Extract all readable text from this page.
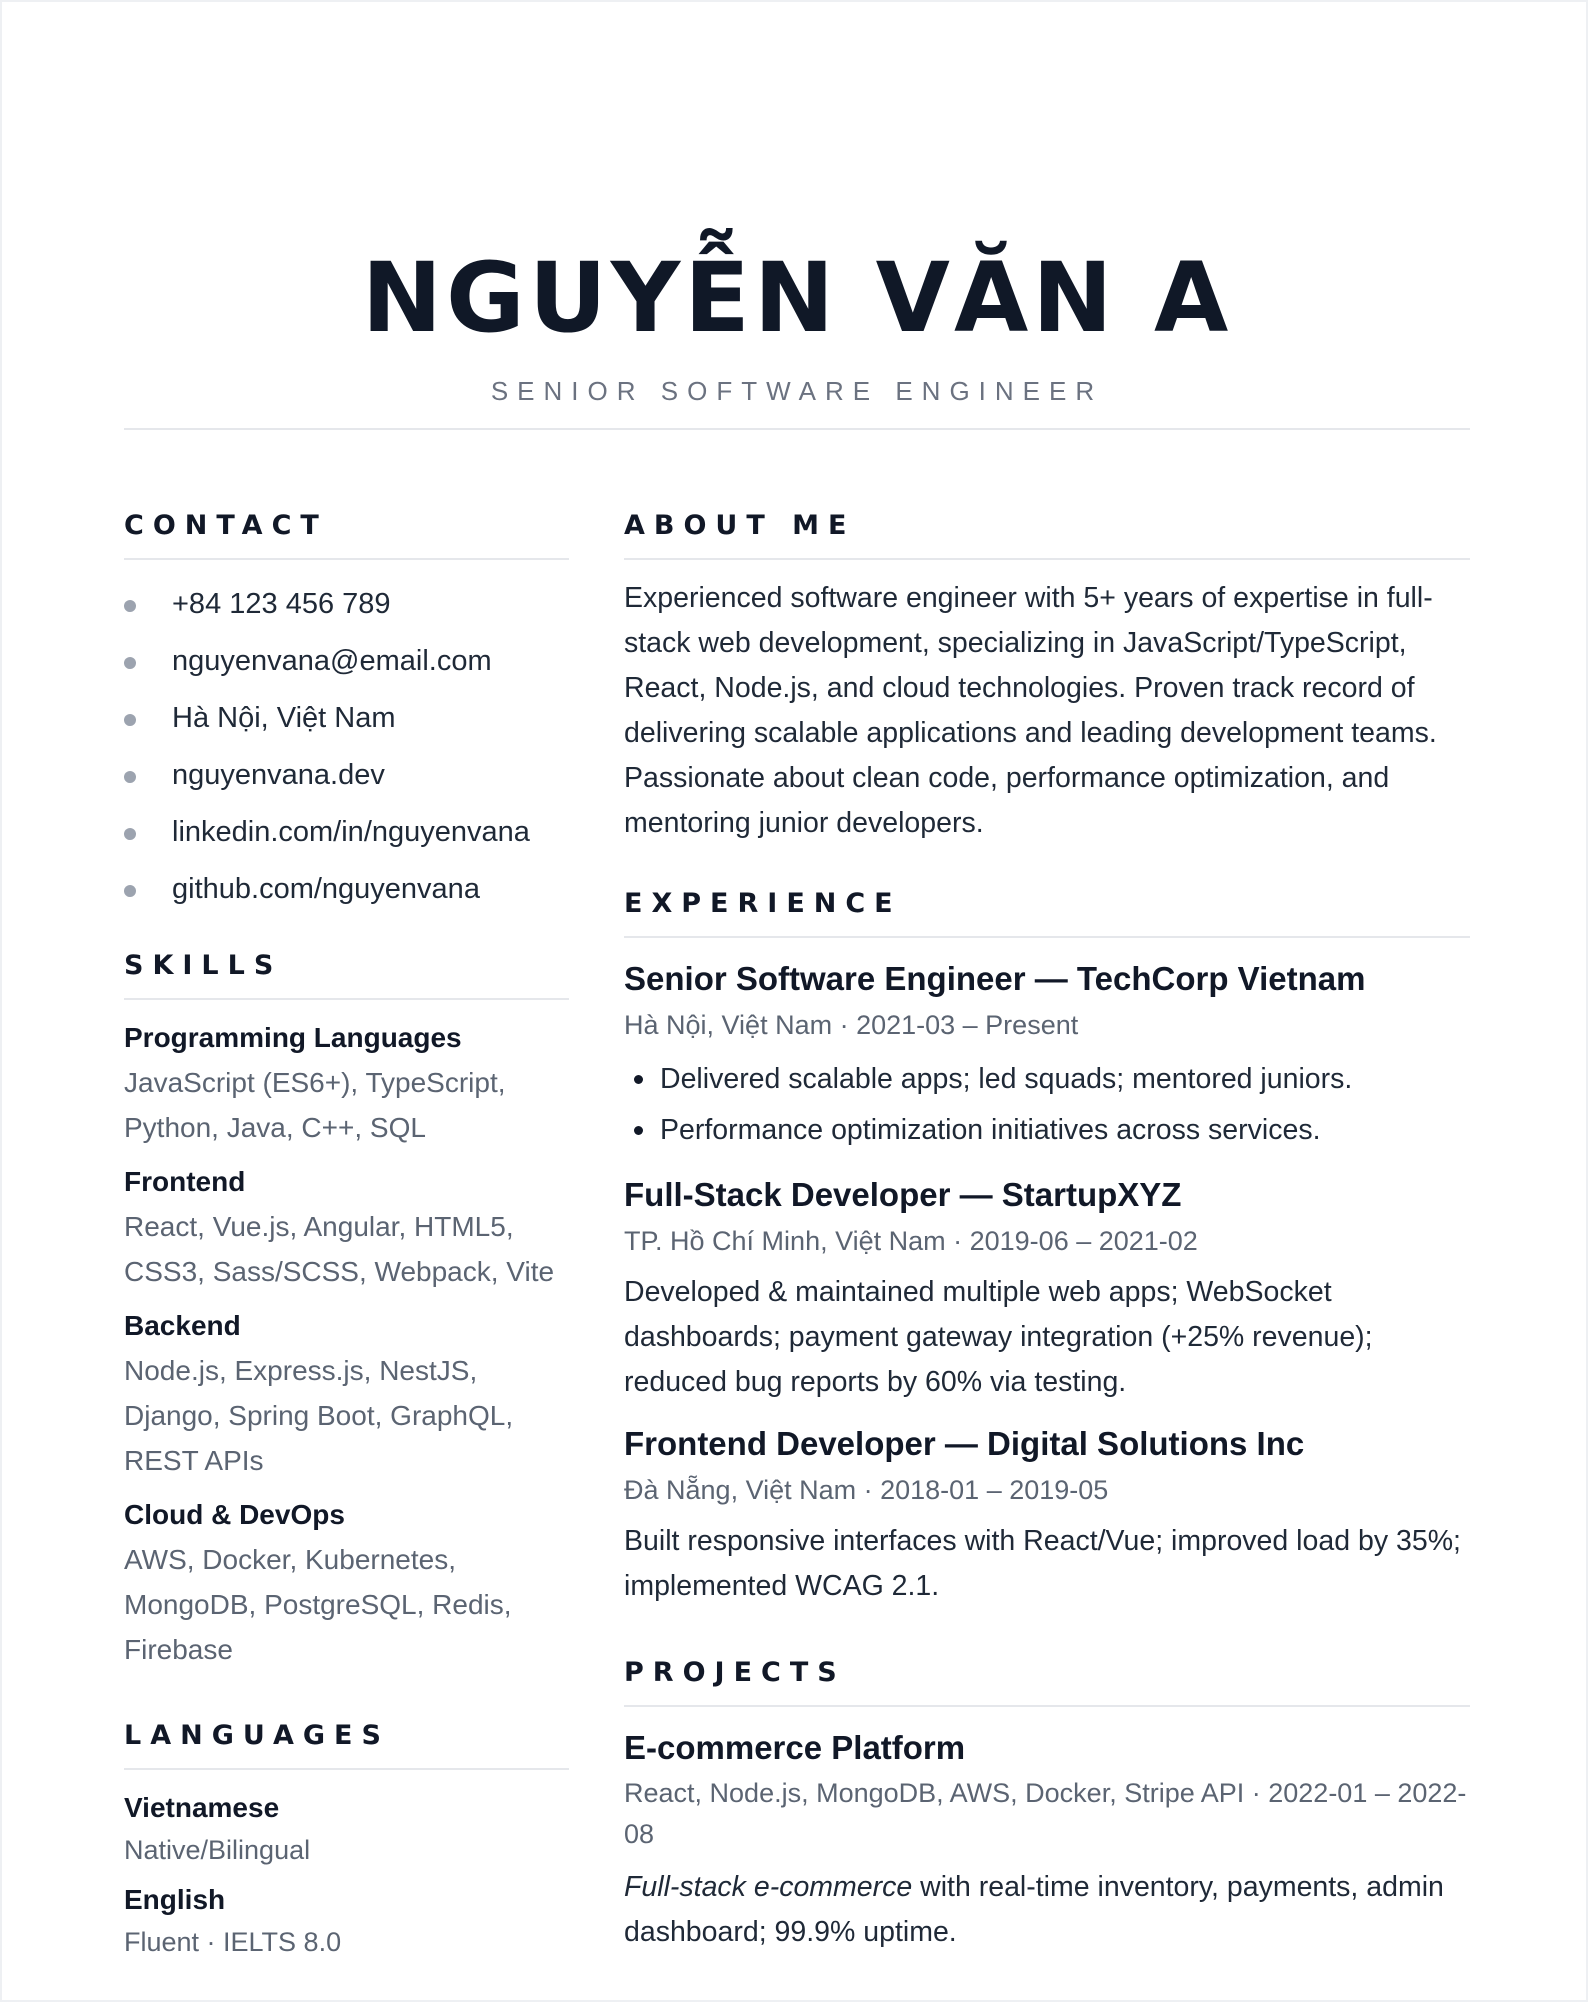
NGUYỄN VĂN A
SENIOR SOFTWARE ENGINEER
CONTACT
+84 123 456 789
nguyenvana@email.com
Hà Nội, Việt Nam
nguyenvana.dev
linkedin.com/in/nguyenvana
github.com/nguyenvana
SKILLS
Programming Languages
JavaScript (ES6+), TypeScript, Python, Java, C++, SQL
Frontend
React, Vue.js, Angular, HTML5, CSS3, Sass/SCSS, Webpack, Vite
Backend
Node.js, Express.js, NestJS, Django, Spring Boot, GraphQL, REST APIs
Cloud & DevOps
AWS, Docker, Kubernetes, MongoDB, PostgreSQL, Redis, Firebase
LANGUAGES
Vietnamese
Native/Bilingual
English
Fluent · IELTS 8.0
ABOUT ME

Experienced software engineer with 5+ years of expertise in full-stack web development, specializing in JavaScript/TypeScript, React, Node.js, and cloud technologies. Proven track record of delivering scalable applications and leading development teams. Passionate about clean code, performance optimization, and mentoring junior developers.

EXPERIENCE
Senior Software Engineer — TechCorp Vietnam
Hà Nội, Việt Nam · 2021-03 – Present
Delivered scalable apps; led squads; mentored juniors.
Performance optimization initiatives across services.
Full-Stack Developer — StartupXYZ
TP. Hồ Chí Minh, Việt Nam · 2019-06 – 2021-02

Developed & maintained multiple web apps; WebSocket dashboards; payment gateway integration (+25% revenue); reduced bug reports by 60% via testing.

Frontend Developer — Digital Solutions Inc
Đà Nẵng, Việt Nam · 2018-01 – 2019-05

Built responsive interfaces with React/Vue; improved load by 35%; implemented WCAG 2.1.

PROJECTS
E-commerce Platform
React, Node.js, MongoDB, AWS, Docker, Stripe API · 2022-01 – 2022-08

Full-stack e-commerce with real-time inventory, payments, admin dashboard; 99.9% uptime.
